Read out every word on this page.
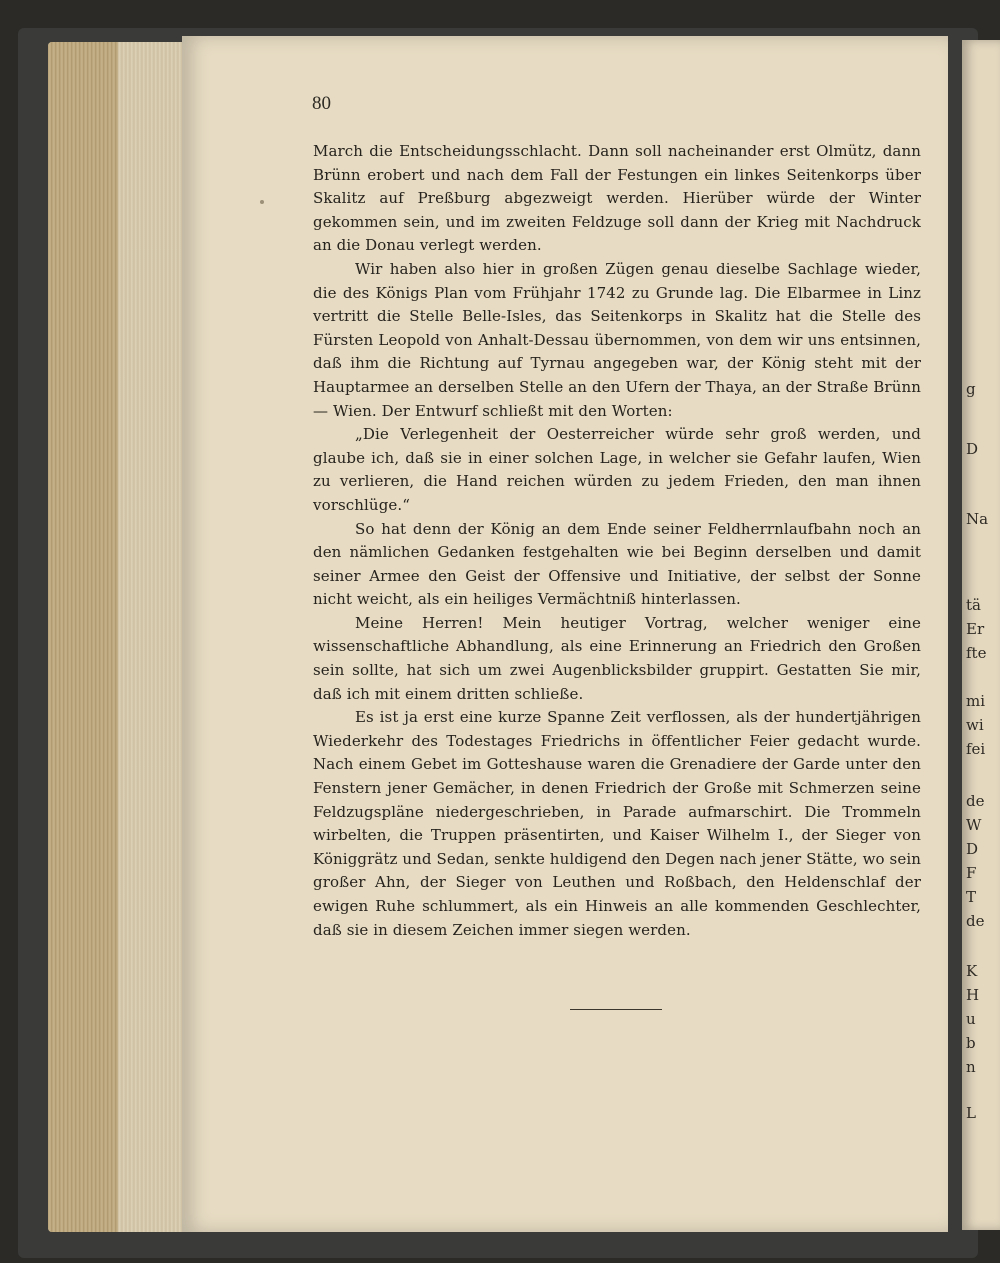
80

March die Entscheidungsschlacht. Dann soll nacheinander erst Olmütz, dann Brünn erobert und nach dem Fall der Festungen ein linkes Seitenkorps über Skalitz auf Preßburg abgezweigt werden. Hierüber würde der Winter gekommen sein, und im zweiten Feldzuge soll dann der Krieg mit Nachdruck an die Donau verlegt werden.

Wir haben also hier in großen Zügen genau dieselbe Sachlage wieder, die des Königs Plan vom Frühjahr 1742 zu Grunde lag. Die Elbarmee in Linz vertritt die Stelle Belle-Isles, das Seitenkorps in Skalitz hat die Stelle des Fürsten Leopold von Anhalt-Dessau übernommen, von dem wir uns entsinnen, daß ihm die Richtung auf Tyrnau angegeben war, der König steht mit der Hauptarmee an derselben Stelle an den Ufern der Thaya, an der Straße Brünn — Wien. Der Entwurf schließt mit den Worten:

„Die Verlegenheit der Oesterreicher würde sehr groß werden, und glaube ich, daß sie in einer solchen Lage, in welcher sie Gefahr laufen, Wien zu verlieren, die Hand reichen würden zu jedem Frieden, den man ihnen vorschlüge.“

So hat denn der König an dem Ende seiner Feldherrnlaufbahn noch an den nämlichen Gedanken festgehalten wie bei Beginn derselben und damit seiner Armee den Geist der Offensive und Initiative, der selbst der Sonne nicht weicht, als ein heiliges Vermächtniß hinterlassen.

Meine Herren! Mein heutiger Vortrag, welcher weniger eine wissenschaftliche Abhandlung, als eine Erinnerung an Friedrich den Großen sein sollte, hat sich um zwei Augenblicksbilder gruppirt. Gestatten Sie mir, daß ich mit einem dritten schließe.

Es ist ja erst eine kurze Spanne Zeit verflossen, als der hundertjährigen Wiederkehr des Todestages Friedrichs in öffentlicher Feier gedacht wurde. Nach einem Gebet im Gotteshause waren die Grenadiere der Garde unter den Fenstern jener Gemächer, in denen Friedrich der Große mit Schmerzen seine Feldzugspläne niedergeschrieben, in Parade aufmarschirt. Die Trommeln wirbelten, die Truppen präsentirten, und Kaiser Wilhelm I., der Sieger von Königgrätz und Sedan, senkte huldigend den Degen nach jener Stätte, wo sein großer Ahn, der Sieger von Leuthen und Roßbach, den Heldenschlaf der ewigen Ruhe schlummert, als ein Hinweis an alle kommenden Geschlechter, daß sie in diesem Zeichen immer siegen werden.

g
D
Na
tä
Er
fte
mi
wi
fei
de
W
D
F
T
de
K
H
u
b
n
L
